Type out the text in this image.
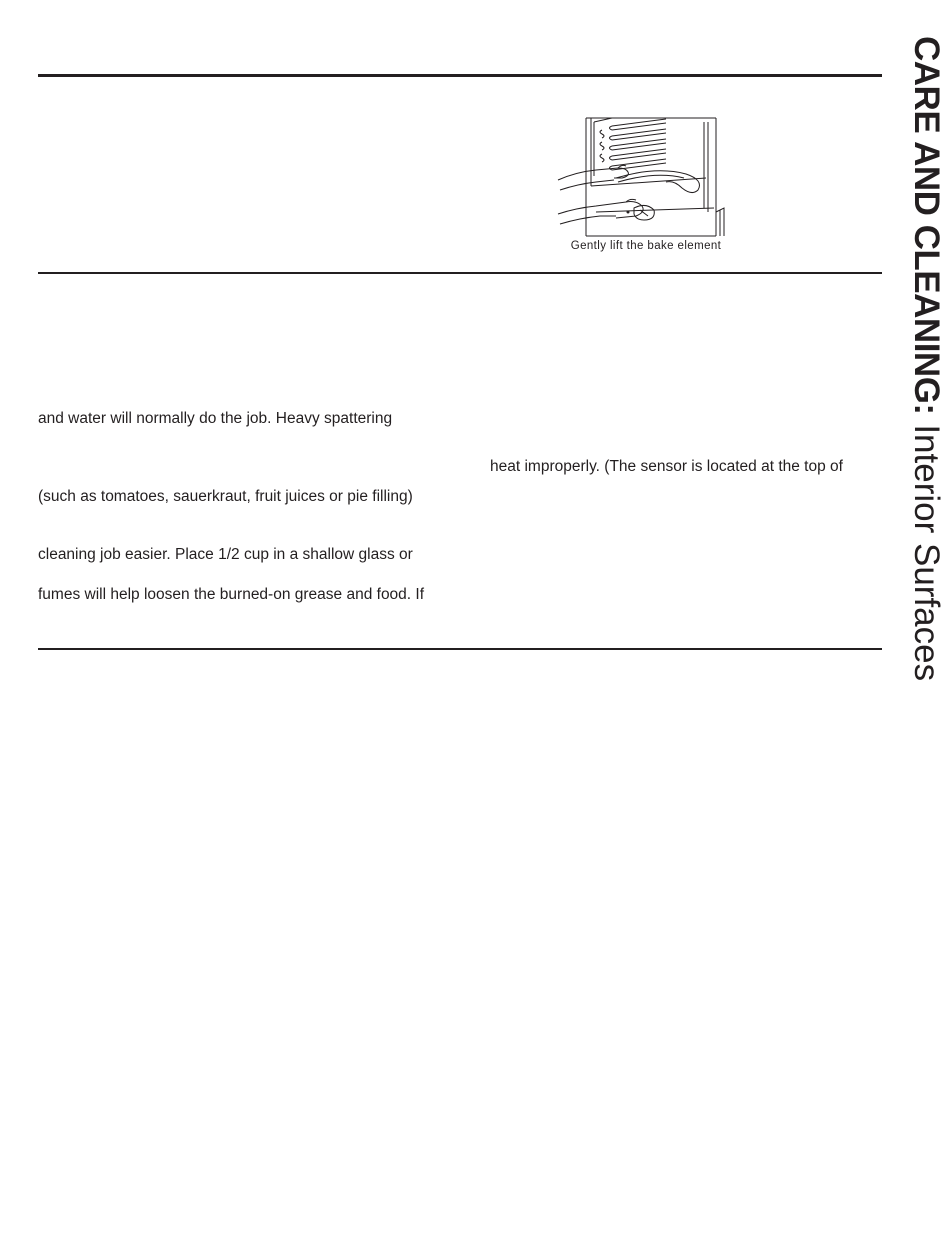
Gently lift the bake element
and water will normally do the job. Heavy spattering
heat improperly. (The sensor is located at the top of
(such as tomatoes, sauerkraut, fruit juices or pie filling)
cleaning job easier. Place 1/2 cup in a shallow glass or
fumes will help loosen the burned-on grease and food. If
CARE AND CLEANING: Interior Surfaces
